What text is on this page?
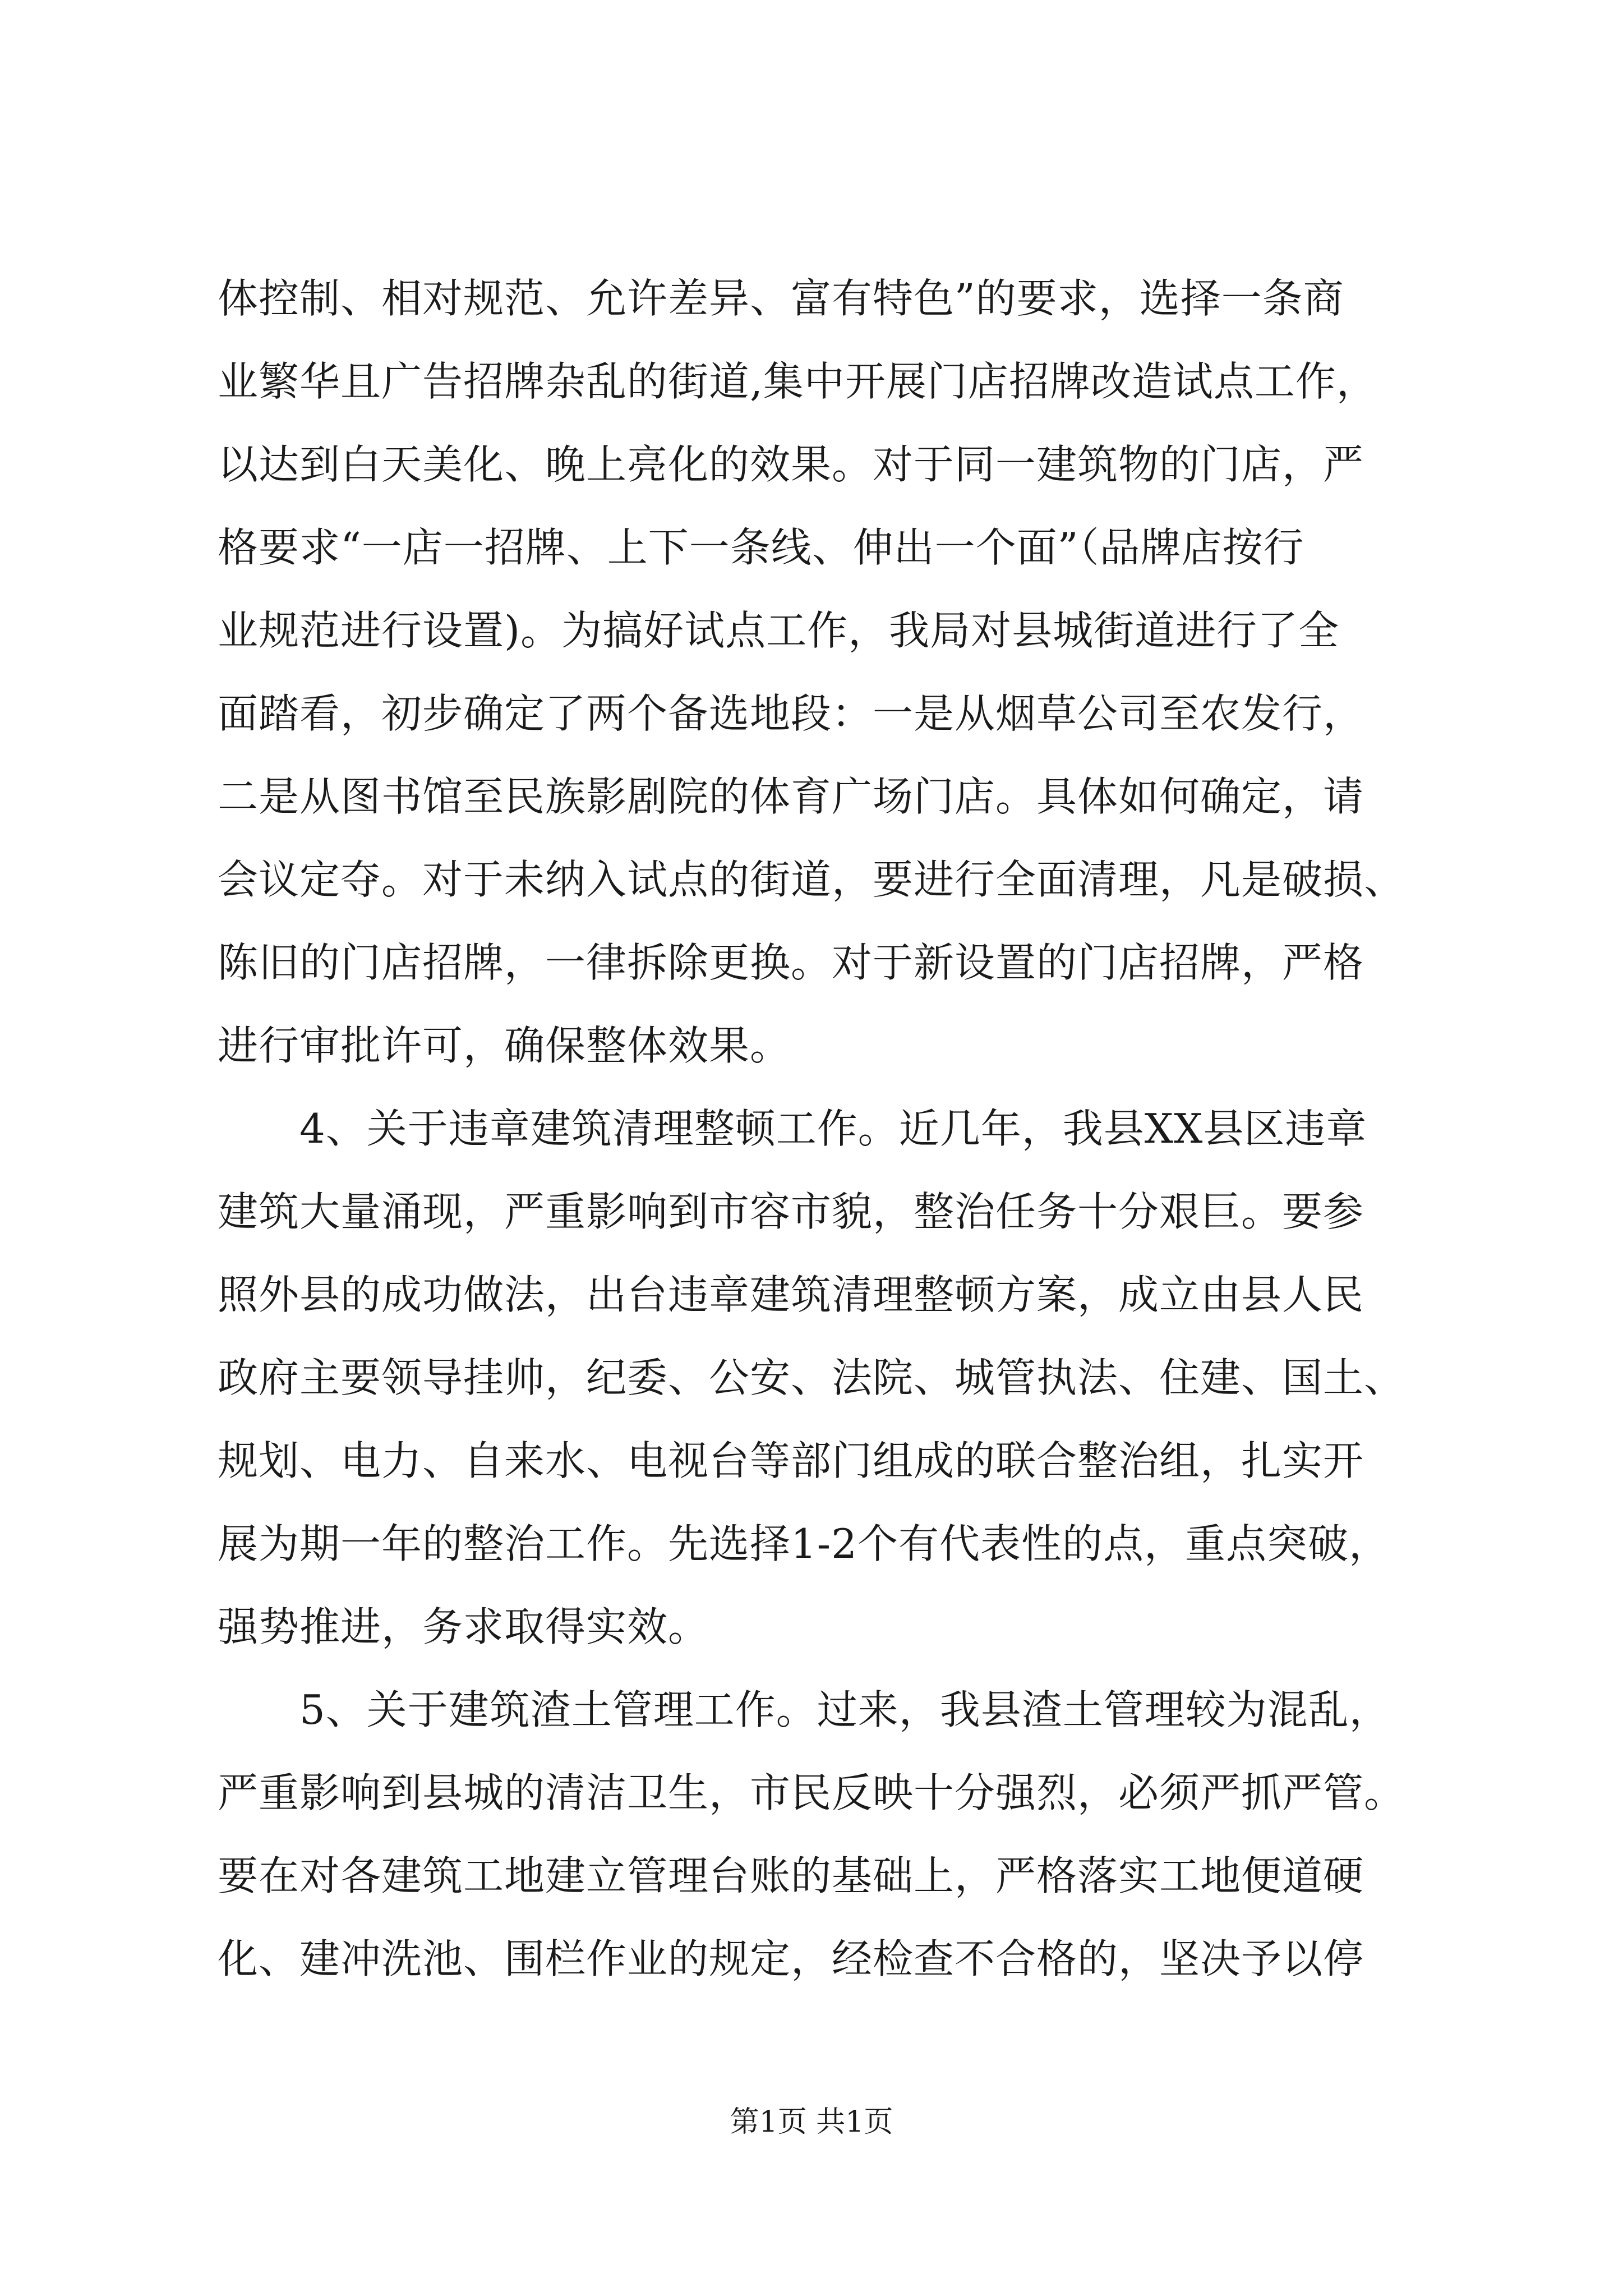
体控制、相对规范、允许差异、富有特色”的要求，选择一条商
业繁华且广告招牌杂乱的街道,集中开展门店招牌改造试点工作，
以达到白天美化、晚上亮化的效果。对于同一建筑物的门店，严
格要求“一店一招牌、上下一条线、伸出一个面”（品牌店按行
业规范进行设置)。为搞好试点工作，我局对县城街道进行了全
面踏看，初步确定了两个备选地段：一是从烟草公司至农发行，
二是从图书馆至民族影剧院的体育广场门店。具体如何确定，请
会议定夺。对于未纳入试点的街道，要进行全面清理，凡是破损、
陈旧的门店招牌，一律拆除更换。对于新设置的门店招牌，严格
进行审批许可，确保整体效果。
　　4、关于违章建筑清理整顿工作。近几年，我县XX县区违章
建筑大量涌现，严重影响到市容市貌，整治任务十分艰巨。要参
照外县的成功做法，出台违章建筑清理整顿方案，成立由县人民
政府主要领导挂帅，纪委、公安、法院、城管执法、住建、国土、
规划、电力、自来水、电视台等部门组成的联合整治组，扎实开
展为期一年的整治工作。先选择1-2个有代表性的点，重点突破，
强势推进，务求取得实效。
　　5、关于建筑渣土管理工作。过来，我县渣土管理较为混乱，
严重影响到县城的清洁卫生，市民反映十分强烈，必须严抓严管。
要在对各建筑工地建立管理台账的基础上，严格落实工地便道硬
化、建冲洗池、围栏作业的规定，经检查不合格的，坚决予以停
第1页 共1页
